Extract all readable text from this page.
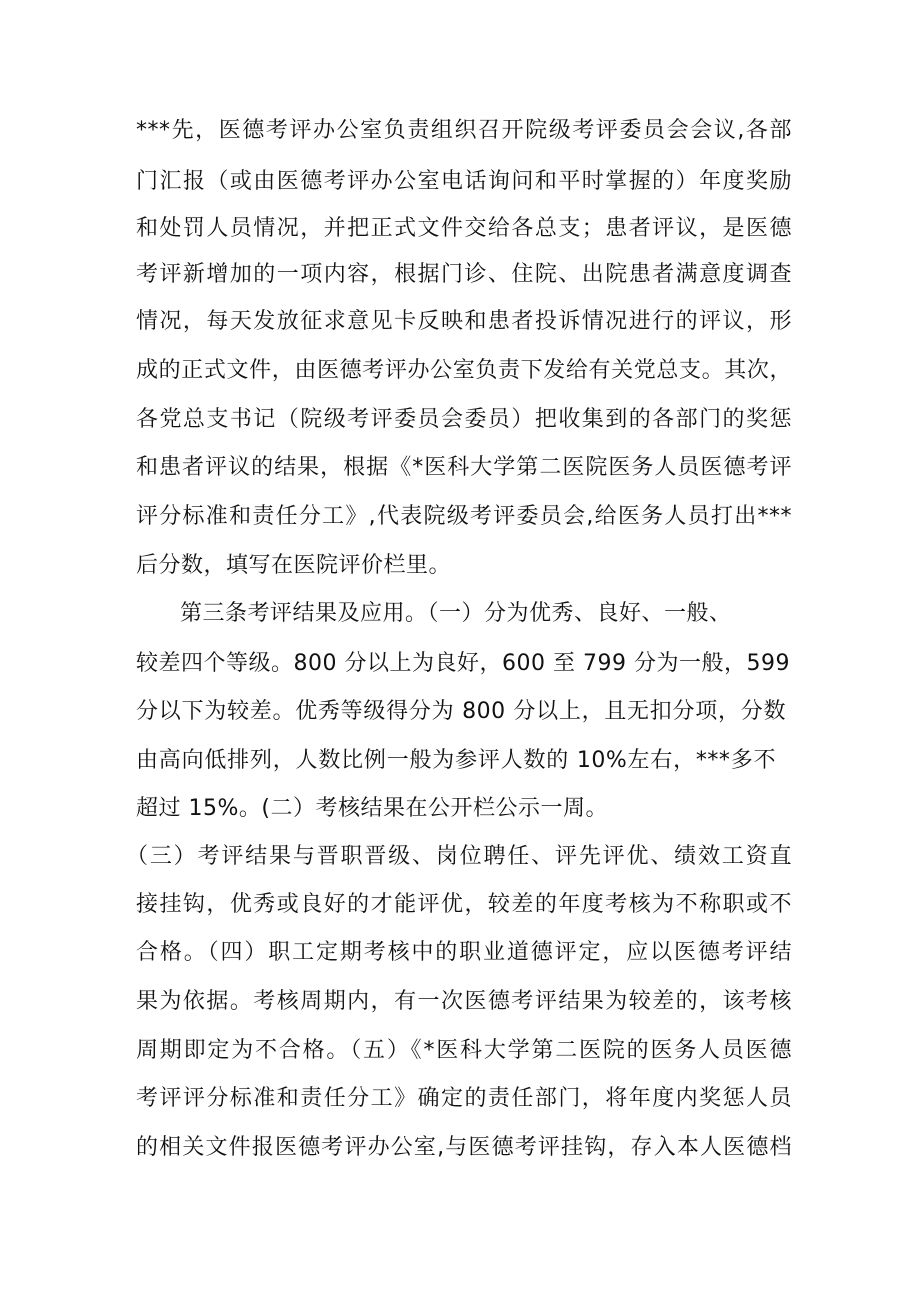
***先，医德考评办公室负责组织召开院级考评委员会会议,各部
门汇报（或由医德考评办公室电话询问和平时掌握的）年度奖励
和处罚人员情况，并把正式文件交给各总支；患者评议，是医德
考评新增加的一项内容，根据门诊、住院、出院患者满意度调查
情况，每天发放征求意见卡反映和患者投诉情况进行的评议，形
成的正式文件，由医德考评办公室负责下发给有关党总支。其次，
各党总支书记（院级考评委员会委员）把收集到的各部门的奖惩
和患者评议的结果，根据《*医科大学第二医院医务人员医德考评
评分标准和责任分工》,代表院级考评委员会,给医务人员打出***
后分数，填写在医院评价栏里。
第三条考评结果及应用。（一）分为优秀、良好、一般、
较差四个等级。800 分以上为良好，600 至 799 分为一般，599
分以下为较差。优秀等级得分为 800 分以上，且无扣分项，分数
由高向低排列，人数比例一般为参评人数的 10%左右，***多不
超过 15%。(二）考核结果在公开栏公示一周。
（三）考评结果与晋职晋级、岗位聘任、评先评优、绩效工资直
接挂钩，优秀或良好的才能评优，较差的年度考核为不称职或不
合格。（四）职工定期考核中的职业道德评定，应以医德考评结
果为依据。考核周期内，有一次医德考评结果为较差的，该考核
周期即定为不合格。（五）《*医科大学第二医院的医务人员医德
考评评分标准和责任分工》确定的责任部门，将年度内奖惩人员
的相关文件报医德考评办公室,与医德考评挂钩，存入本人医德档
